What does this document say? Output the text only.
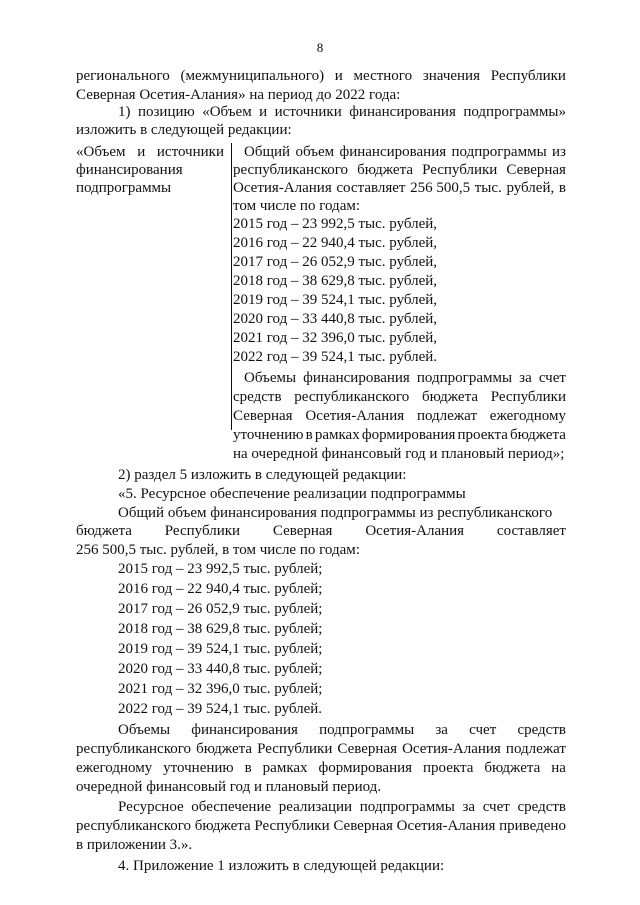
8
регионального (межмуниципального) и местного значения Республики
Северная Осетия-Алания» на период до 2022 года:
1) позицию «Объем и источники финансирования подпрограммы»
изложить в следующей редакции:
«Объем и источники
финансирования
подпрограммы
Общий объем финансирования подпрограммы из
республиканского бюджета Республики Северная
Осетия-Алания составляет 256 500,5 тыс. рублей, в
том числе по годам:
2015 год – 23 992,5 тыс. рублей,
2016 год – 22 940,4 тыс. рублей,
2017 год – 26 052,9 тыс. рублей,
2018 год – 38 629,8 тыс. рублей,
2019 год – 39 524,1 тыс. рублей,
2020 год – 33 440,8 тыс. рублей,
2021 год – 32 396,0 тыс. рублей,
2022 год – 39 524,1 тыс. рублей.
Объемы финансирования подпрограммы за счет
средств республиканского бюджета Республики
Северная Осетия-Алания подлежат ежегодному
уточнению в рамках формирования проекта бюджета
на очередной финансовый год и плановый период»;
2) раздел 5 изложить в следующей редакции:
«5. Ресурсное обеспечение реализации подпрограммы
Общий объем финансирования подпрограммы из республиканского
бюджета Республики Северная Осетия-Алания составляет
256 500,5 тыс. рублей, в том числе по годам:
2015 год – 23 992,5 тыс. рублей;
2016 год – 22 940,4 тыс. рублей;
2017 год – 26 052,9 тыс. рублей;
2018 год – 38 629,8 тыс. рублей;
2019 год – 39 524,1 тыс. рублей;
2020 год – 33 440,8 тыс. рублей;
2021 год – 32 396,0 тыс. рублей;
2022 год – 39 524,1 тыс. рублей.
Объемы финансирования подпрограммы за счет средств
республиканского бюджета Республики Северная Осетия-Алания подлежат
ежегодному уточнению в рамках формирования проекта бюджета на
очередной финансовый год и плановый период.
Ресурсное обеспечение реализации подпрограммы за счет средств
республиканского бюджета Республики Северная Осетия-Алания приведено
в приложении 3.».
4. Приложение 1 изложить в следующей редакции:
